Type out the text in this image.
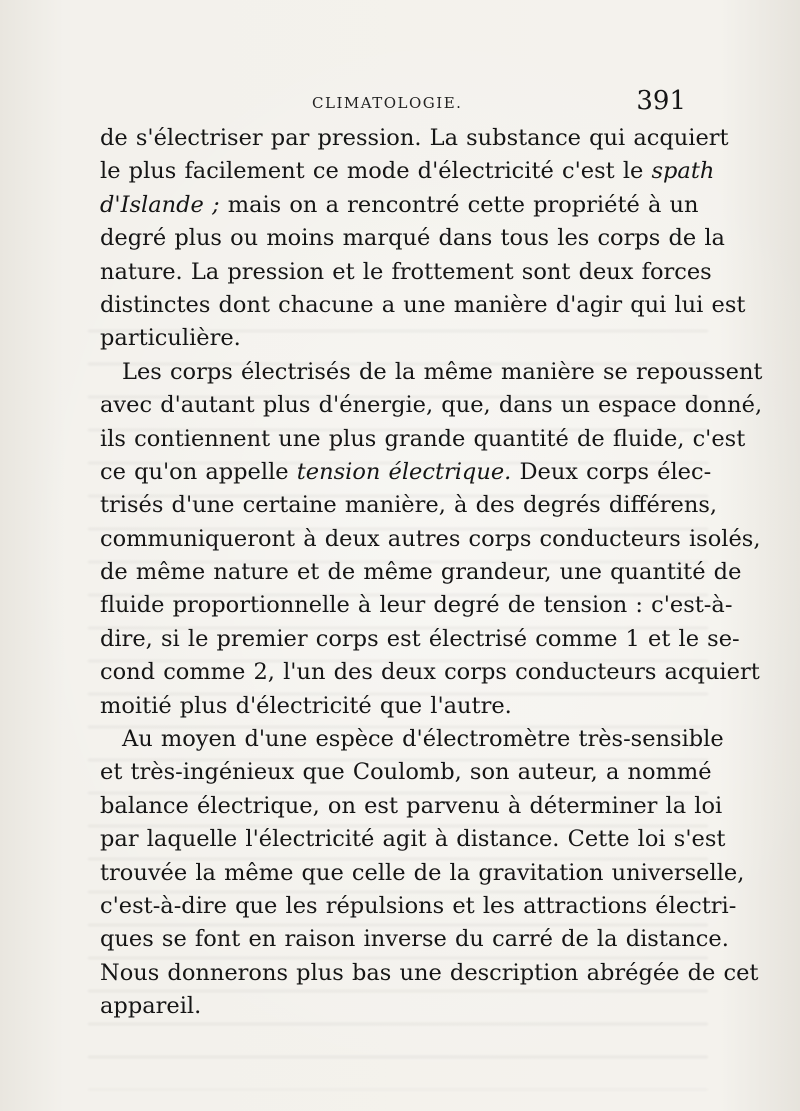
CLIMATOLOGIE.	391
de s'électriser par pression. La substance qui acquiert
le plus facilement ce mode d'électricité c'est le spath
d'Islande ; mais on a rencontré cette propriété à un
degré plus ou moins marqué dans tous les corps de la
nature. La pression et le frottement sont deux forces
distinctes dont chacune a une manière d'agir qui lui est
particulière.
Les corps électrisés de la même manière se repoussent
avec d'autant plus d'énergie, que, dans un espace donné,
ils contiennent une plus grande quantité de fluide, c'est
ce qu'on appelle tension électrique. Deux corps élec-
trisés d'une certaine manière, à des degrés différens,
communiqueront à deux autres corps conducteurs isolés,
de même nature et de même grandeur, une quantité de
fluide proportionnelle à leur degré de tension : c'est-à-
dire, si le premier corps est électrisé comme 1 et le se-
cond comme 2, l'un des deux corps conducteurs acquiert
moitié plus d'électricité que l'autre.
Au moyen d'une espèce d'électromètre très-sensible
et très-ingénieux que Coulomb, son auteur, a nommé
balance électrique, on est parvenu à déterminer la loi
par laquelle l'électricité agit à distance. Cette loi s'est
trouvée la même que celle de la gravitation universelle,
c'est-à-dire que les répulsions et les attractions électri-
ques se font en raison inverse du carré de la distance.
Nous donnerons plus bas une description abrégée de cet
appareil.
